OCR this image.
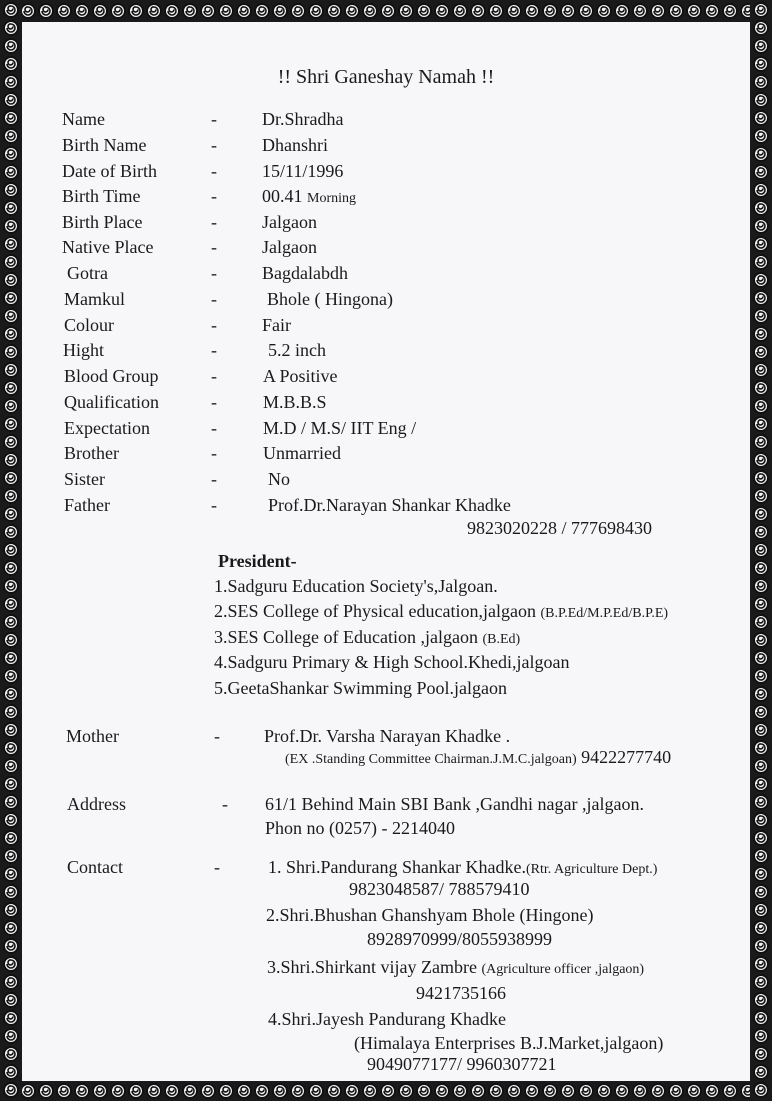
!! Shri Ganeshay Namah !!
Name	-	Dr.Shradha
Birth Name	-	Dhanshri
Date of Birth	-	15/11/1996
Birth Time	-	00.41 Morning
Birth Place	-	Jalgaon
Native Place	-	Jalgaon
Gotra	-	Bagdalabdh
Mamkul	-	Bhole ( Hingona)
Colour	-	Fair
Hight	-	5.2 inch
Blood Group	-	A Positive
Qualification	-	M.B.B.S
Expectation	-	M.D / M.S/ IIT Eng /
Brother	-	Unmarried
Sister	-	No
Father	-	Prof.Dr.Narayan Shankar Khadke
9823020228 / 777698430
President-
1.Sadguru Education Society's,Jalgoan.
2.SES College of Physical education,jalgaon (B.P.Ed/M.P.Ed/B.P.E)
3.SES College of Education ,jalgaon (B.Ed)
4.Sadguru Primary & High School.Khedi,jalgoan
5.GeetaShankar Swimming Pool.jalgaon
Mother	- Prof.Dr. Varsha Narayan Khadke .
(EX .Standing Committee Chairman.J.M.C.jalgoan) 9422277740
Address	- 61/1 Behind Main SBI Bank ,Gandhi nagar ,jalgaon.
Phon no (0257) - 2214040
Contact	-	1. Shri.Pandurang Shankar Khadke.(Rtr. Agriculture Dept.)
9823048587/ 788579410
2.Shri.Bhushan Ghanshyam Bhole (Hingone)
8928970999/8055938999
3.Shri.Shirkant vijay Zambre (Agriculture officer ,jalgaon)
9421735166
4.Shri.Jayesh Pandurang Khadke
(Himalaya Enterprises B.J.Market,jalgaon)
9049077177/ 9960307721
